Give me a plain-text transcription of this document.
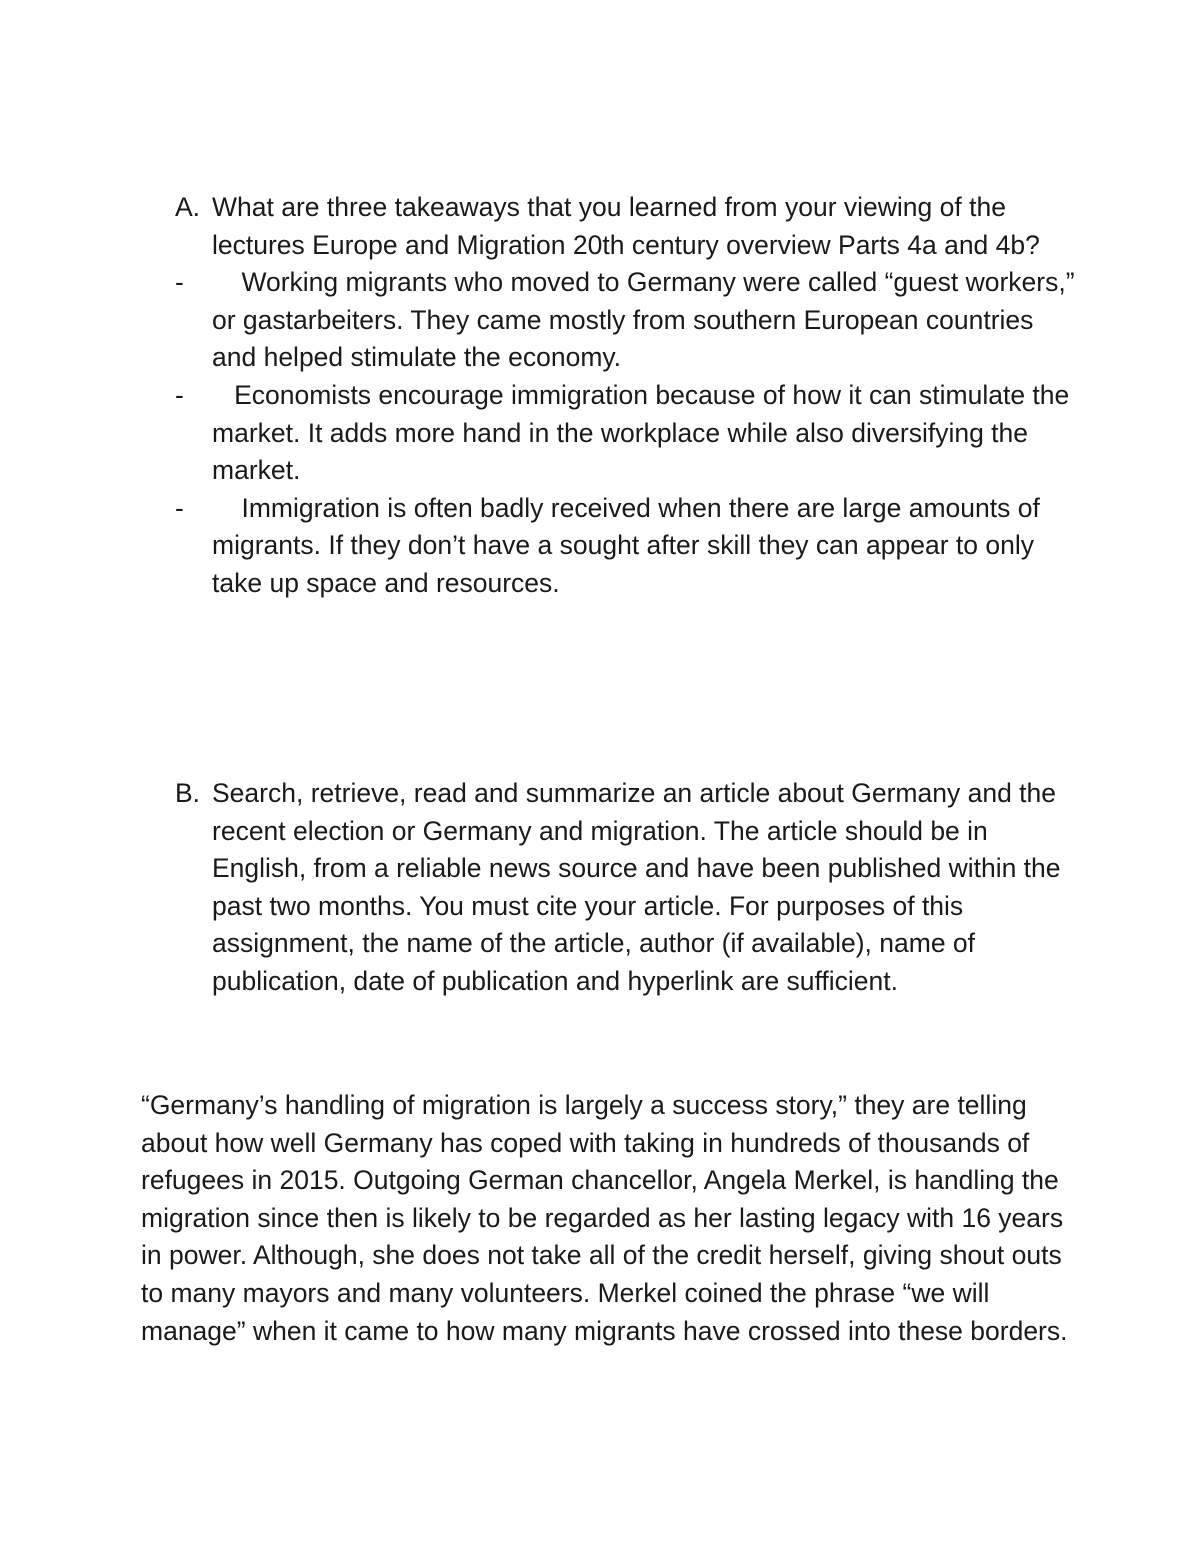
A. What are three takeaways that you learned from your viewing of the lectures Europe and Migration 20th century overview Parts 4a and 4b?
-	Working migrants who moved to Germany were called “guest workers,” or gastarbeiters. They came mostly from southern European countries and helped stimulate the economy.
-	Economists encourage immigration because of how it can stimulate the market. It adds more hand in the workplace while also diversifying the market.
-	Immigration is often badly received when there are large amounts of migrants. If they don’t have a sought after skill they can appear to only take up space and resources.
B. Search, retrieve, read and summarize an article about Germany and the recent election or Germany and migration. The article should be in English, from a reliable news source and have been published within the past two months. You must cite your article. For purposes of this assignment, the name of the article, author (if available), name of publication, date of publication and hyperlink are sufficient.

“Germany’s handling of migration is largely a success story,” they are telling about how well Germany has coped with taking in hundreds of thousands of refugees in 2015. Outgoing German chancellor, Angela Merkel, is handling the migration since then is likely to be regarded as her lasting legacy with 16 years in power. Although, she does not take all of the credit herself, giving shout outs to many mayors and many volunteers. Merkel coined the phrase “we will manage” when it came to how many migrants have crossed into these borders.
